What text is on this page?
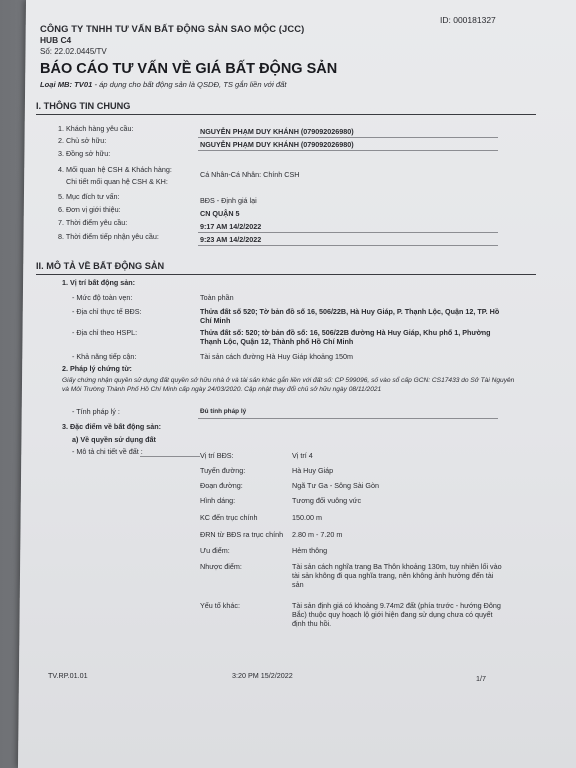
ID: 000181327
CÔNG TY TNHH TƯ VẤN BẤT ĐỘNG SẢN SAO MỘC (JCC)
HUB C4
Số: 22.02.0445/TV
BÁO CÁO TƯ VẤN VỀ GIÁ BẤT ĐỘNG SẢN
Loại MB: TV01 - áp dụng cho bất động sản là QSDĐ, TS gắn liền với đất
I. THÔNG TIN CHUNG
1. Khách hàng yêu cầu:	NGUYỄN PHẠM DUY KHÁNH (079092026980)
2. Chủ sở hữu:	NGUYỄN PHẠM DUY KHÁNH (079092026980)
3. Đồng sở hữu:
4. Mối quan hệ CSH & Khách hàng:
Chi tiết mối quan hệ CSH & KH:
Cá Nhân-Cá Nhân: Chính CSH
5. Mục đích tư vấn:	BĐS - Định giá lại
6. Đơn vị giới thiệu:	CN QUẬN 5
7. Thời điểm yêu cầu:	9:17 AM 14/2/2022
8. Thời điểm tiếp nhận yêu cầu:	9:23 AM 14/2/2022
II. MÔ TẢ VỀ BẤT ĐỘNG SẢN
1. Vị trí bất động sản:
- Mức độ toàn vẹn:	Toàn phần
- Địa chỉ thực tế BĐS:	Thửa đất số 520; Tờ bản đồ số 16, 506/22B, Hà Huy Giáp, P. Thạnh Lộc, Quận 12, TP. Hồ Chí Minh
- Địa chỉ theo HSPL:	Thửa đất số: 520; tờ bản đồ số: 16, 506/22B đường Hà Huy Giáp, Khu phố 1, Phường Thạnh Lộc, Quận 12, Thành phố Hồ Chí Minh
- Khả năng tiếp cận:	Tài sản cách đường Hà Huy Giáp khoảng 150m
2. Pháp lý chứng từ:
Giấy chứng nhận quyền sử dụng đất quyền sở hữu nhà ở và tài sản khác gắn liền với đất số: CP 599096, số vào sổ cấp GCN: CS17433 do Sở Tài Nguyên và Môi Trường Thành Phố Hồ Chí Minh cấp ngày 24/03/2020. Cập nhật thay đổi chủ sở hữu ngày 08/11/2021
- Tính pháp lý :	Đủ tính pháp lý
3. Đặc điểm về bất động sản:
a) Về quyền sử dụng đất
- Mô tả chi tiết về đất :	Vị trí BĐS:	Vị trí 4
Tuyến đường:	Hà Huy Giáp
Đoạn đường:	Ngã Tư Ga - Sông Sài Gòn
Hình dáng:	Tương đối vuông vức
KC đến trục chính	150.00 m
ĐRN từ BĐS ra trục chính 2.80 m - 7.20 m
Ưu điểm:	Hẻm thông
Nhược điểm:	Tài sản cách nghĩa trang Ba Thôn khoảng 130m, tuy nhiên lối vào tài sản không đi qua nghĩa trang, nên không ảnh hưởng đến tài sản
Yếu tố khác:	Tài sản định giá có khoảng 9.74m2 đất (phía trước - hướng Đông Bắc) thuộc quy hoạch lộ giới hiện đang sử dụng chưa có quyết định thu hồi.
TV.RP.01.01	3:20 PM 15/2/2022	1/7
